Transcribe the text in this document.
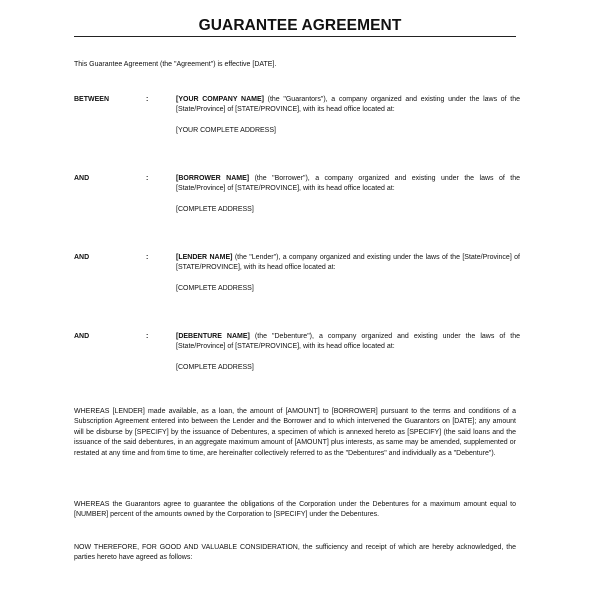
GUARANTEE AGREEMENT
This Guarantee Agreement (the "Agreement") is effective [DATE].
BETWEEN	:	[YOUR COMPANY NAME] (the "Guarantors"), a company organized and existing under the laws of the [State/Province] of [STATE/PROVINCE], with its head office located at:
[YOUR COMPLETE ADDRESS]
AND	:	[BORROWER NAME] (the "Borrower"), a company organized and existing under the laws of the [State/Province] of [STATE/PROVINCE], with its head office located at:
[COMPLETE ADDRESS]
AND	:	[LENDER NAME] (the "Lender"), a company organized and existing under the laws of the [State/Province] of [STATE/PROVINCE], with its head office located at:
[COMPLETE ADDRESS]
AND	:	[DEBENTURE NAME] (the "Debenture"), a company organized and existing under the laws of the [State/Province] of [STATE/PROVINCE], with its head office located at:
[COMPLETE ADDRESS]
WHEREAS [LENDER] made available, as a loan, the amount of [AMOUNT] to [BORROWER] pursuant to the terms and conditions of a Subscription Agreement entered into between the Lender and the Borrower and to which intervened the Guarantors on [DATE]; any amount will be disburse by [SPECIFY] by the issuance of Debentures, a specimen of which is annexed hereto as [SPECIFY] (the said loans and the issuance of the said debentures, in an aggregate maximum amount of [AMOUNT] plus interests, as same may be amended, supplemented or restated at any time and from time to time, are hereinafter collectively referred to as the "Debentures" and individually as a "Debenture").
WHEREAS the Guarantors agree to guarantee the obligations of the Corporation under the Debentures for a maximum amount equal to [NUMBER] percent of the amounts owned by the Corporation to [SPECIFY] under the Debentures.
NOW THEREFORE, FOR GOOD AND VALUABLE CONSIDERATION, the sufficiency and receipt of which are hereby acknowledged, the parties hereto have agreed as follows:
